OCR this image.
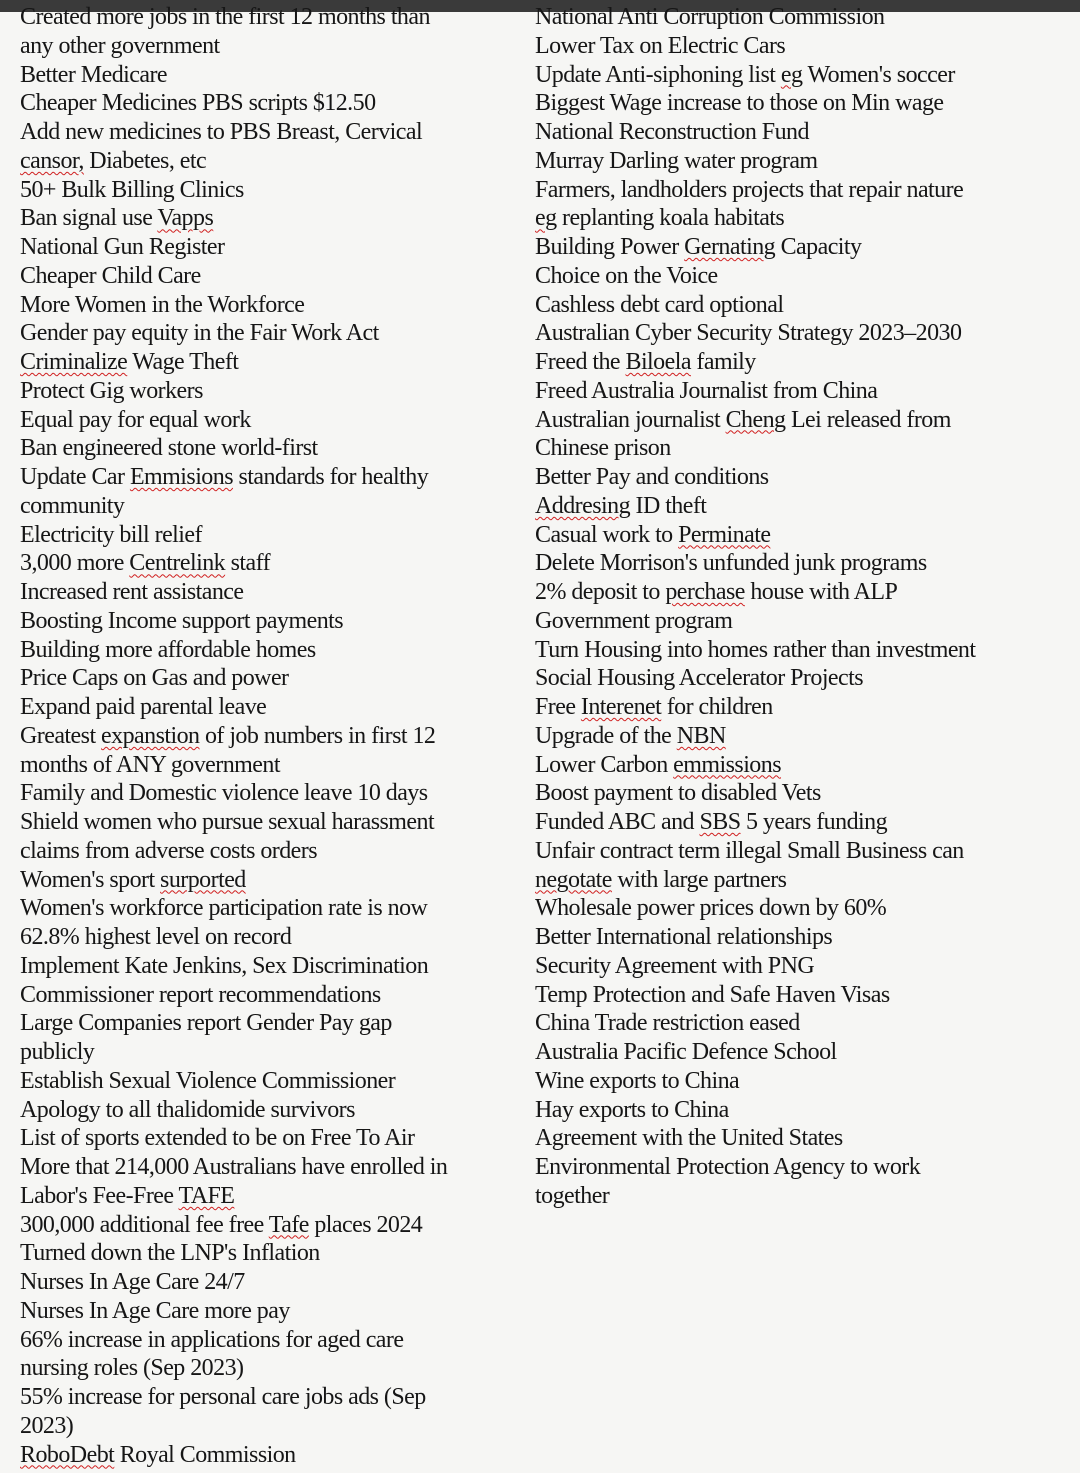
Created more jobs in the first 12 months than
any other government
Better Medicare
Cheaper Medicines PBS scripts $12.50
Add new medicines to PBS Breast, Cervical
cansor, Diabetes, etc
50+ Bulk Billing Clinics
Ban signal use Vapps
National Gun Register
Cheaper Child Care
More Women in the Workforce
Gender pay equity in the Fair Work Act
Criminalize Wage Theft
Protect Gig workers
Equal pay for equal work
Ban engineered stone world-first
Update Car Emmisions standards for healthy
community
Electricity bill relief
3,000 more Centrelink staff
Increased rent assistance
Boosting Income support payments
Building more affordable homes
Price Caps on Gas and power
Expand paid parental leave
Greatest expanstion of job numbers in first 12
months of ANY government
Family and Domestic violence leave 10 days
Shield women who pursue sexual harassment
claims from adverse costs orders
Women's sport surported
Women's workforce participation rate is now
62.8% highest level on record
Implement Kate Jenkins, Sex Discrimination
Commissioner report recommendations
Large Companies report Gender Pay gap
publicly
Establish Sexual Violence Commissioner
Apology to all thalidomide survivors
List of sports extended to be on Free To Air
More that 214,000 Australians have enrolled in
Labor's Fee-Free TAFE
300,000 additional fee free Tafe places 2024
Turned down the LNP's Inflation
Nurses In Age Care 24/7
Nurses In Age Care more pay
66% increase in applications for aged care
nursing roles (Sep 2023)
55% increase for personal care jobs ads (Sep
2023)
RoboDebt Royal Commission
National Anti Corruption Commission
Lower Tax on Electric Cars
Update Anti-siphoning list eg Women's soccer
Biggest Wage increase to those on Min wage
National Reconstruction Fund
Murray Darling water program
Farmers, landholders projects that repair nature
eg replanting koala habitats
Building Power Gernating Capacity
Choice on the Voice
Cashless debt card optional
Australian Cyber Security Strategy 2023–2030
Freed the Biloela family
Freed Australia Journalist from China
Australian journalist Cheng Lei released from
Chinese prison
Better Pay and conditions
Addresing ID theft
Casual work to Perminate
Delete Morrison's unfunded junk programs
2% deposit to perchase house with ALP
Government program
Turn Housing into homes rather than investment
Social Housing Accelerator Projects
Free Interenet for children
Upgrade of the NBN
Lower Carbon emmissions
Boost payment to disabled Vets
Funded ABC and SBS 5 years funding
Unfair contract term illegal Small Business can
negotate with large partners
Wholesale power prices down by 60%
Better International relationships
Security Agreement with PNG
Temp Protection and Safe Haven Visas
China Trade restriction eased
Australia Pacific Defence School
Wine exports to China
Hay exports to China
Agreement with the United States
Environmental Protection Agency to work
together
